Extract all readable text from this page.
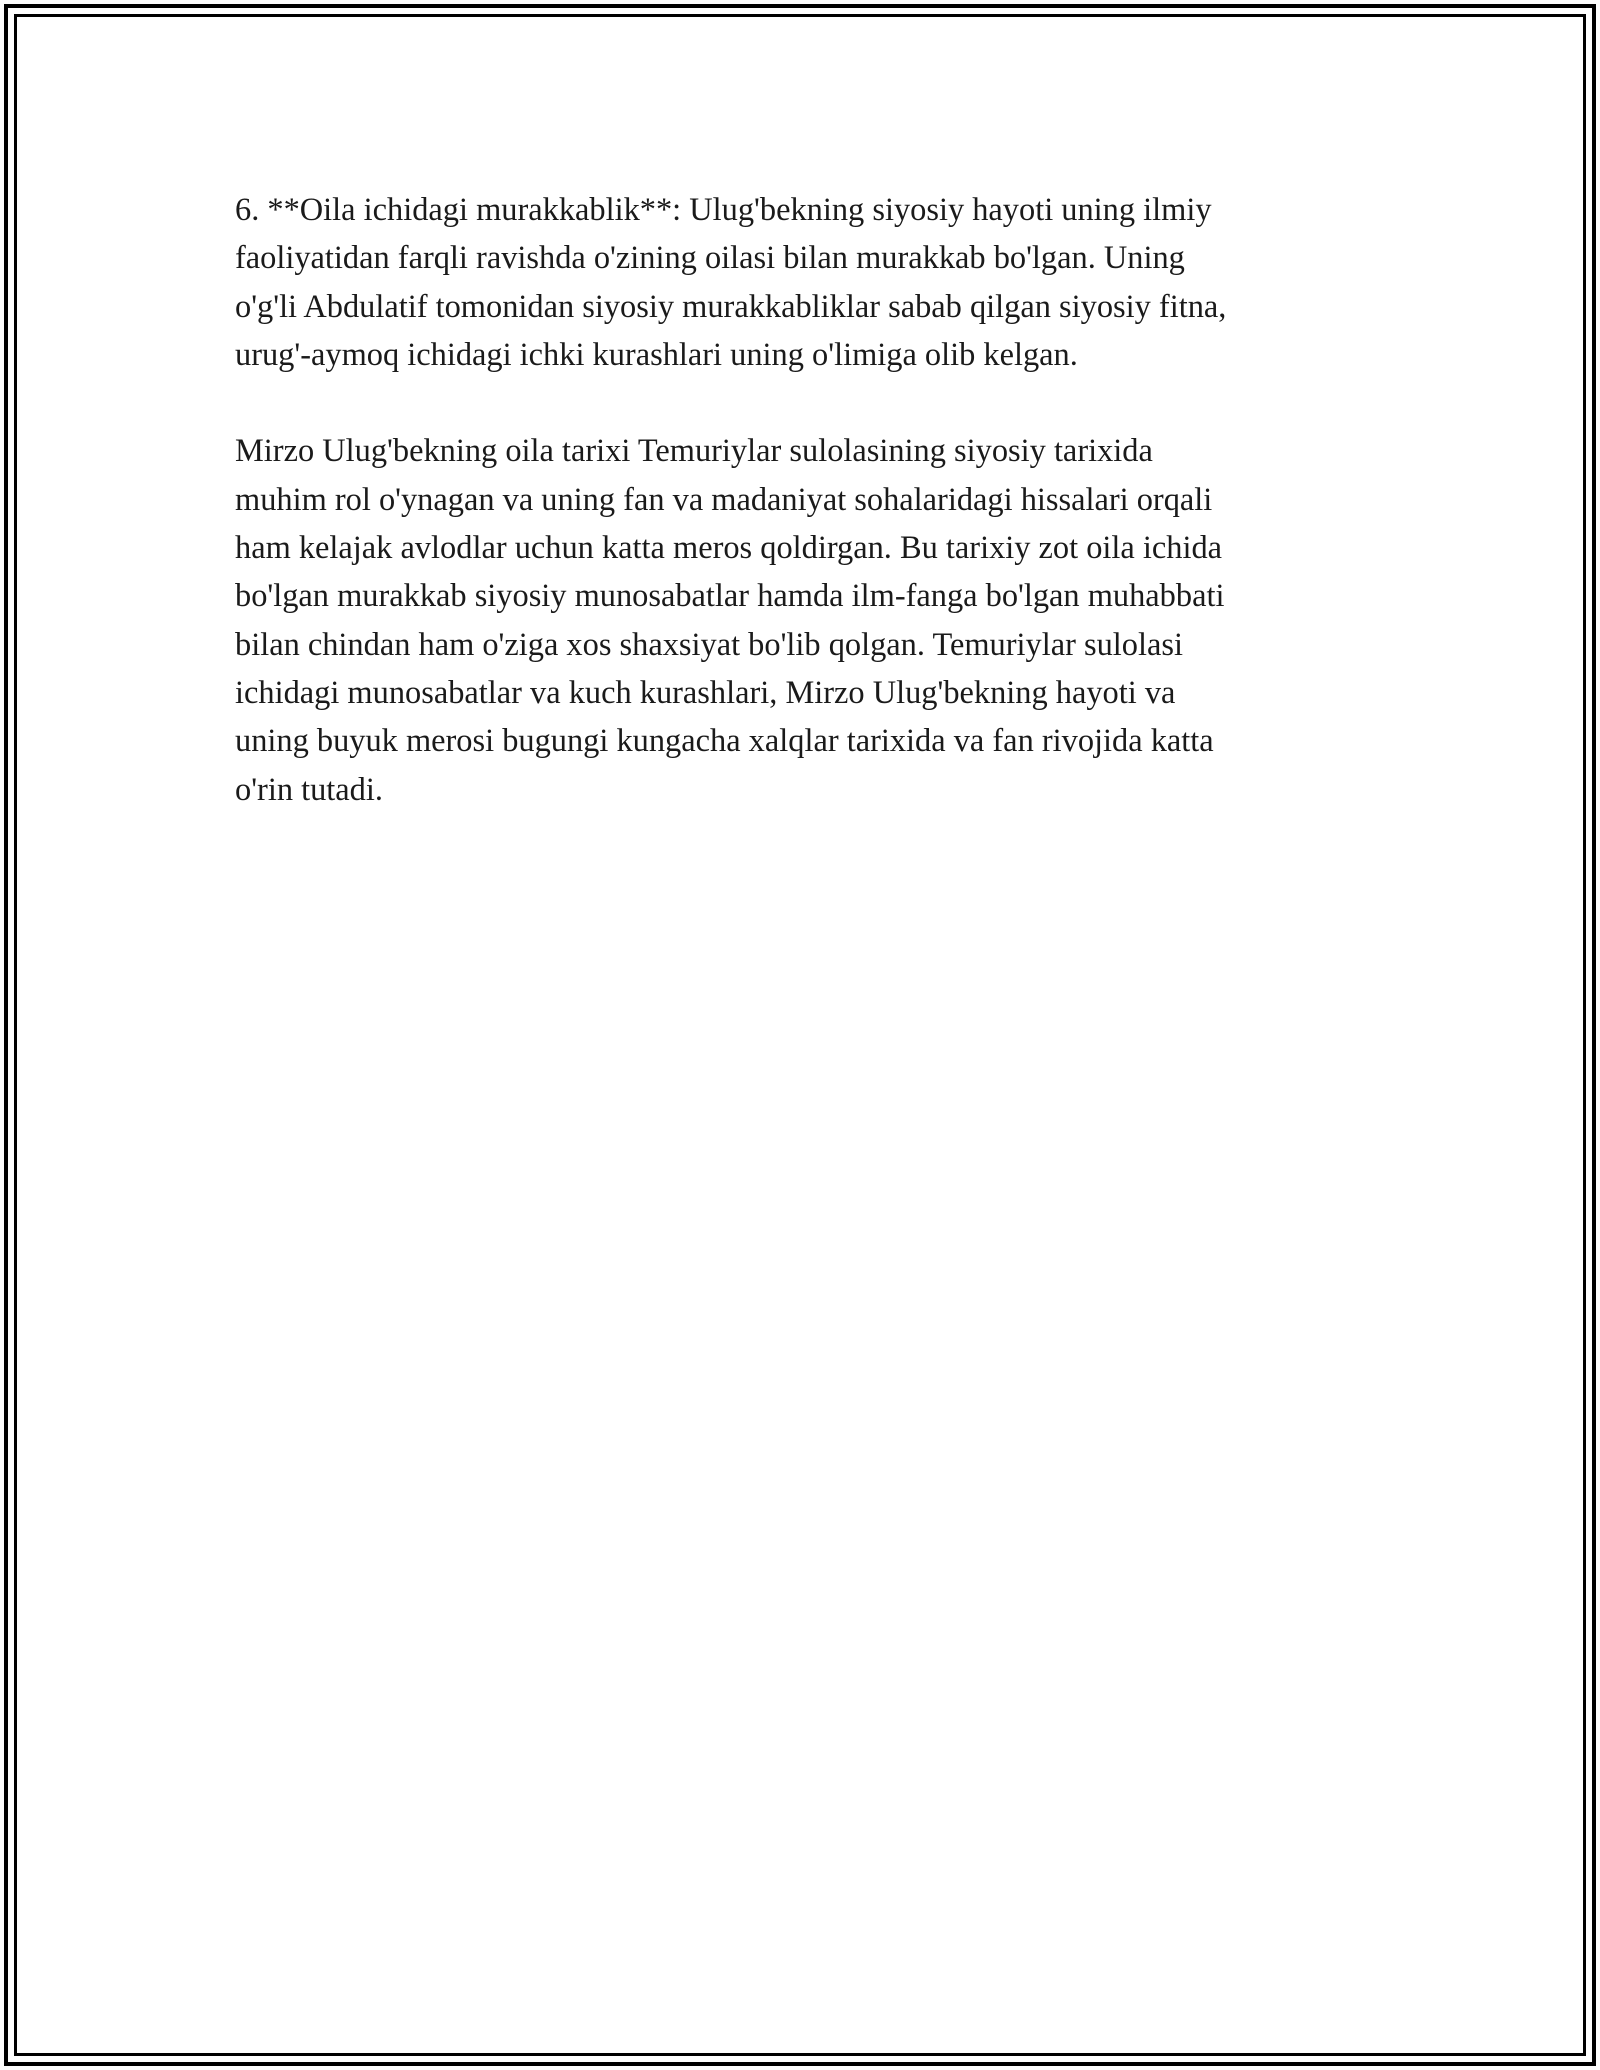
6. **Oila ichidagi murakkablik**: Ulug'bekning siyosiy hayoti uning ilmiy

faoliyatidan farqli ravishda o'zining oilasi bilan murakkab bo'lgan. Uning

o'g'li Abdulatif tomonidan siyosiy murakkabliklar sabab qilgan siyosiy fitna,

urug'-aymoq ichidagi ichki kurashlari uning o'limiga olib kelgan.

Mirzo Ulug'bekning oila tarixi Temuriylar sulolasining siyosiy tarixida

muhim rol o'ynagan va uning fan va madaniyat sohalaridagi hissalari orqali

ham kelajak avlodlar uchun katta meros qoldirgan. Bu tarixiy zot oila ichida

bo'lgan murakkab siyosiy munosabatlar hamda ilm-fanga bo'lgan muhabbati

bilan chindan ham o'ziga xos shaxsiyat bo'lib qolgan. Temuriylar sulolasi

ichidagi munosabatlar va kuch kurashlari, Mirzo Ulug'bekning hayoti va

uning buyuk merosi bugungi kungacha xalqlar tarixida va fan rivojida katta

o'rin tutadi.
